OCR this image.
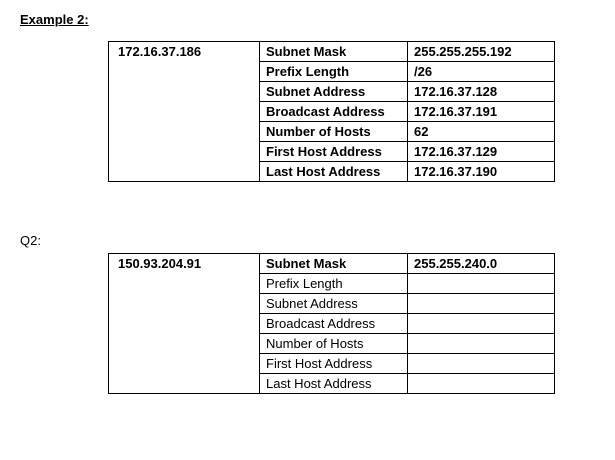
Example 2:
172.16.37.186	Subnet Mask	255.255.255.192
	Prefix Length	/26
	Subnet Address	172.16.37.128
	Broadcast Address	172.16.37.191
	Number of Hosts	62
	First Host Address	172.16.37.129
	Last Host Address	172.16.37.190
Q2:
150.93.204.91	Subnet Mask	255.255.240.0
	Prefix Length	
	Subnet Address	
	Broadcast Address	
	Number of Hosts	
	First Host Address	
	Last Host Address	
